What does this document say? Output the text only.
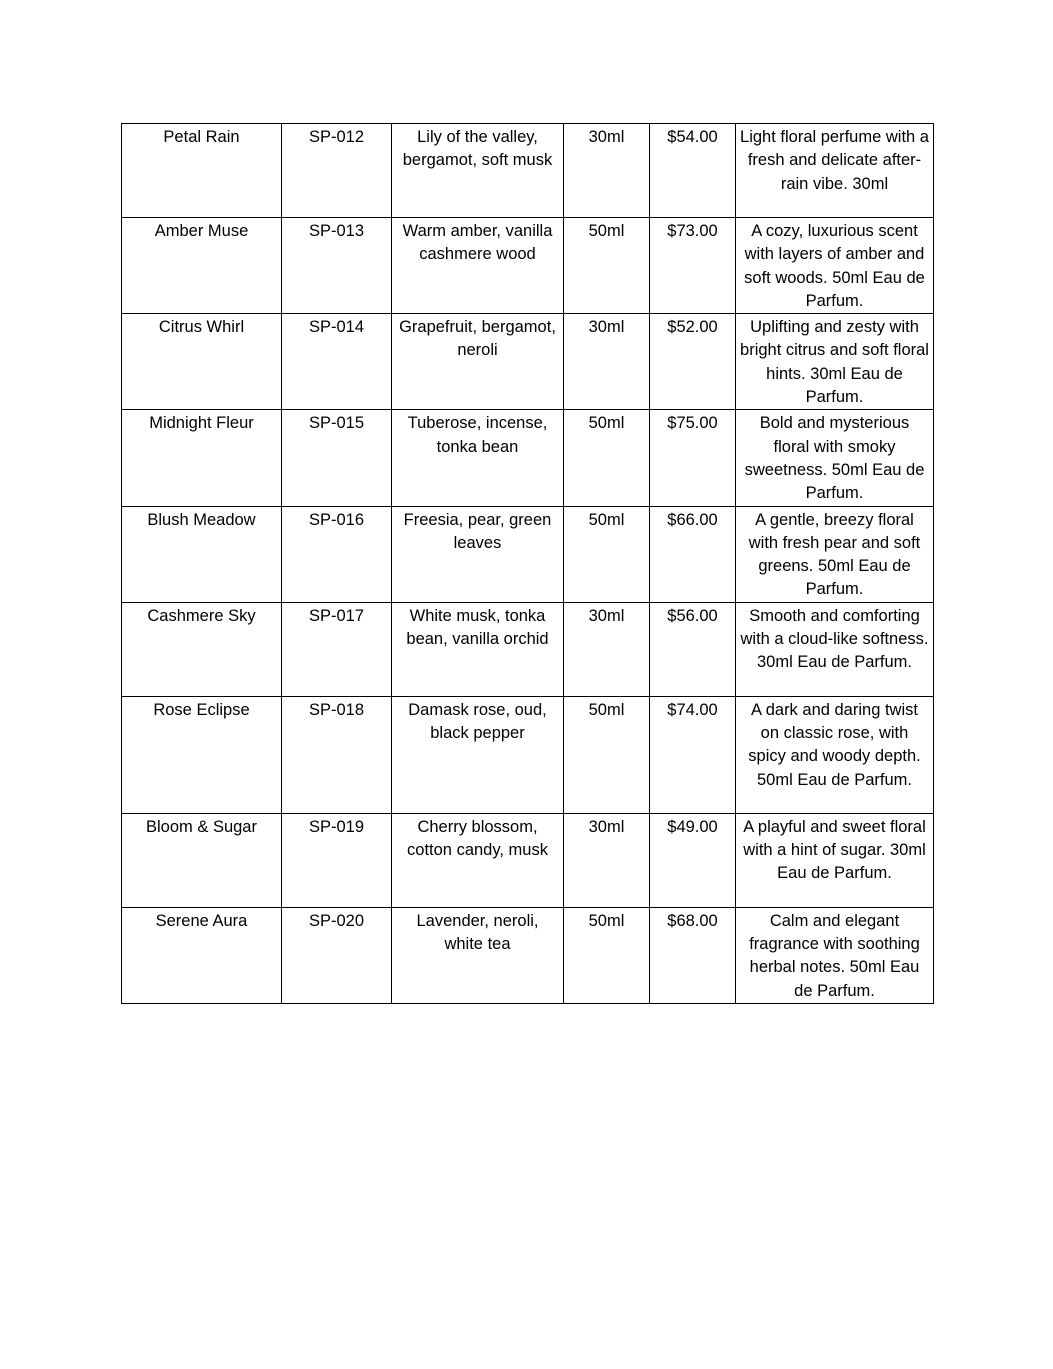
Petal Rain	SP-012	Lily of the valley, bergamot, soft musk	30ml	$54.00	Light floral perfume with a fresh and delicate after-rain vibe. 30ml
Amber Muse	SP-013	Warm amber, vanilla cashmere wood	50ml	$73.00	A cozy, luxurious scent with layers of amber and soft woods. 50ml Eau de Parfum.
Citrus Whirl	SP-014	Grapefruit, bergamot, neroli	30ml	$52.00	Uplifting and zesty with bright citrus and soft floral hints. 30ml Eau de Parfum.
Midnight Fleur	SP-015	Tuberose, incense, tonka bean	50ml	$75.00	Bold and mysterious floral with smoky sweetness. 50ml Eau de Parfum.
Blush Meadow	SP-016	Freesia, pear, green leaves	50ml	$66.00	A gentle, breezy floral with fresh pear and soft greens. 50ml Eau de Parfum.
Cashmere Sky	SP-017	White musk, tonka bean, vanilla orchid	30ml	$56.00	Smooth and comforting with a cloud-like softness. 30ml Eau de Parfum.
Rose Eclipse	SP-018	Damask rose, oud, black pepper	50ml	$74.00	A dark and daring twist on classic rose, with spicy and woody depth. 50ml Eau de Parfum.
Bloom & Sugar	SP-019	Cherry blossom, cotton candy, musk	30ml	$49.00	A playful and sweet floral with a hint of sugar. 30ml Eau de Parfum.
Serene Aura	SP-020	Lavender, neroli, white tea	50ml	$68.00	Calm and elegant fragrance with soothing herbal notes. 50ml Eau de Parfum.
